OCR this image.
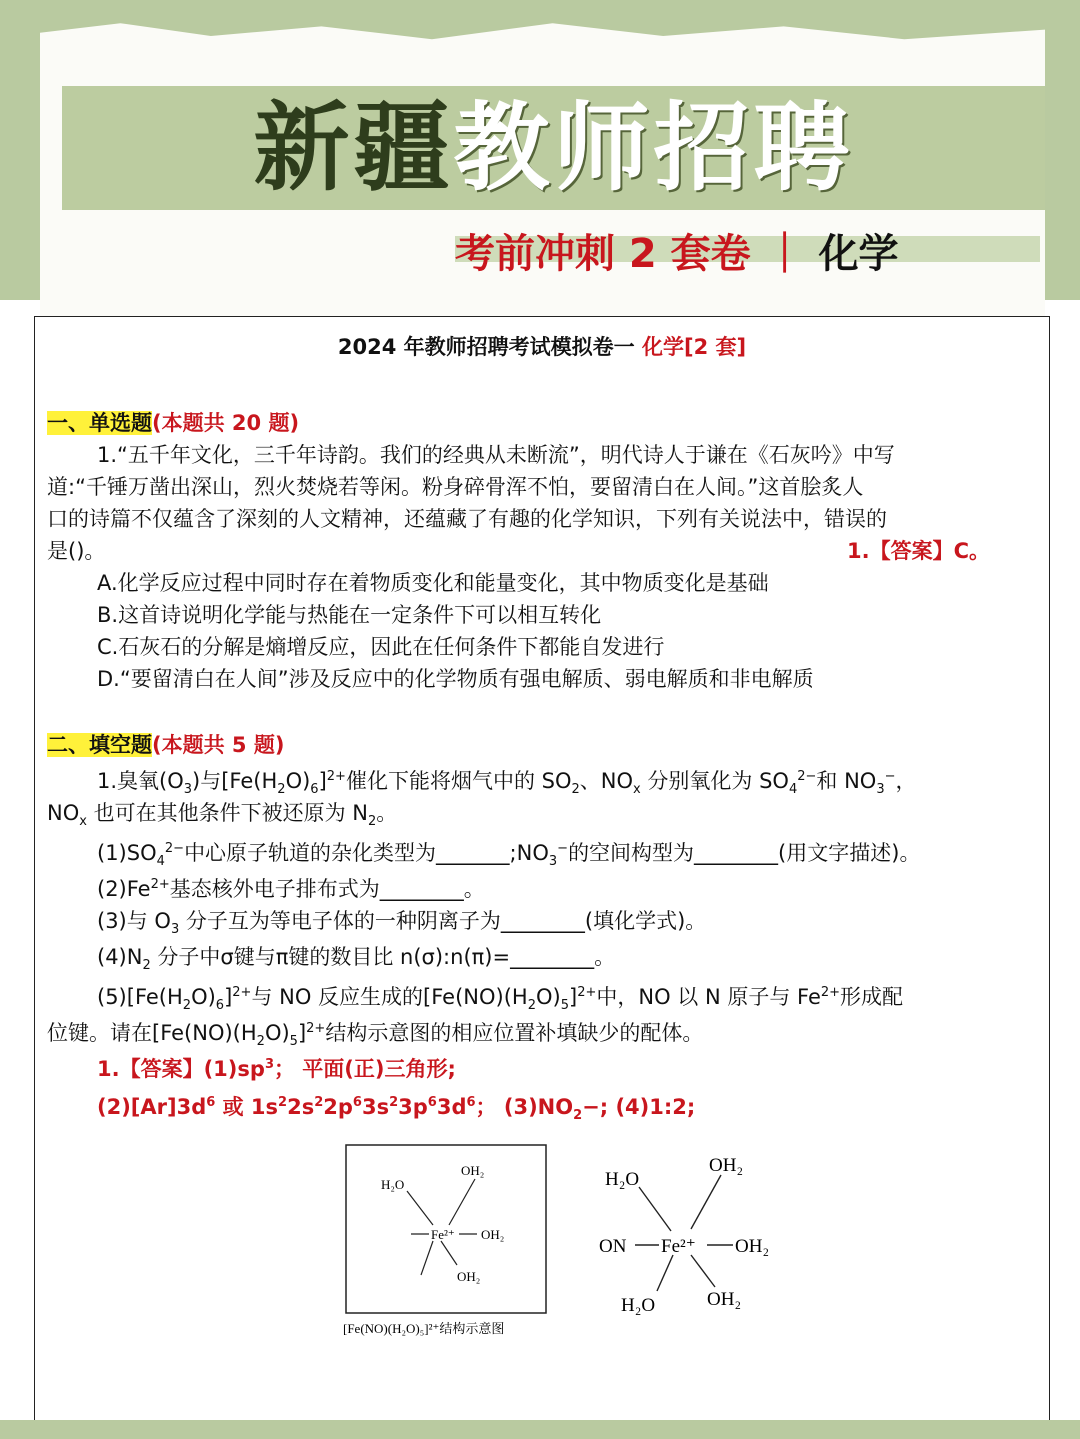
新疆教师招聘
考前冲刺 2 套卷 ｜ 化学
2024 年教师招聘考试模拟卷一 化学[2 套]
一、单选题(本题共 20 题)
1.“五千年文化，三千年诗韵。我们的经典从未断流”，明代诗人于谦在《石灰吟》中写
道:“千锤万凿出深山，烈火焚烧若等闲。粉身碎骨浑不怕，要留清白在人间。”这首脍炙人
口的诗篇不仅蕴含了深刻的人文精神，还蕴藏了有趣的化学知识，下列有关说法中，错误的
是()。	1.【答案】C。
A.化学反应过程中同时存在着物质变化和能量变化，其中物质变化是基础
B.这首诗说明化学能与热能在一定条件下可以相互转化
C.石灰石的分解是熵增反应，因此在任何条件下都能自发进行
D.“要留清白在人间”涉及反应中的化学物质有强电解质、弱电解质和非电解质
二、填空题(本题共 5 题)
1.臭氧$(O_3)$与$[Fe(H_2O)_6]^{2+}$催化下能将烟气中的 $SO_2$、$NO_x$ 分别氧化为 $SO_4^{2-}$和 $NO_3^-$，
$NO_x$ 也可在其他条件下被还原为 $N_2$。
$(1)SO_4^{2-}$中心原子轨道的杂化类型为$\_\_\_\_\_\_\_;NO_3^-$的空间构型为________(用文字描述)。
$(2)Fe^{2+}$基态核外电子排布式为________。
(3)与 $O_3$ 分子互为等电子体的一种阴离子为________(填化学式)。
$(4)N_2$ 分子中σ键与π键的数目比 n(σ):n(π)=________。
$(5)[Fe(H_2O)_6]^{2+}$与 NO 反应生成的$[Fe(NO)(H_2O)_5]^{2+}$中，NO 以 N 原子与 $Fe^{2+}$形成配
位键。请在$[Fe(NO)(H_2O)_5]^{2+}$结构示意图的相应位置补填缺少的配体。
1.【答案】$(1)sp^3$； 平面(正)三角形;
$(2)[Ar]3d^6$ 或 $1s^22s^22p^63s^23p^63d^6$； $(3)NO_2-$; (4)1:2;
H₂O
OH₂
Fe²⁺ OH₂
OH₂
[Fe(NO)(H₂O)₅]²⁺结构示意图
H₂O
OH₂
ON Fe²⁺ OH₂
H₂O	OH₂
